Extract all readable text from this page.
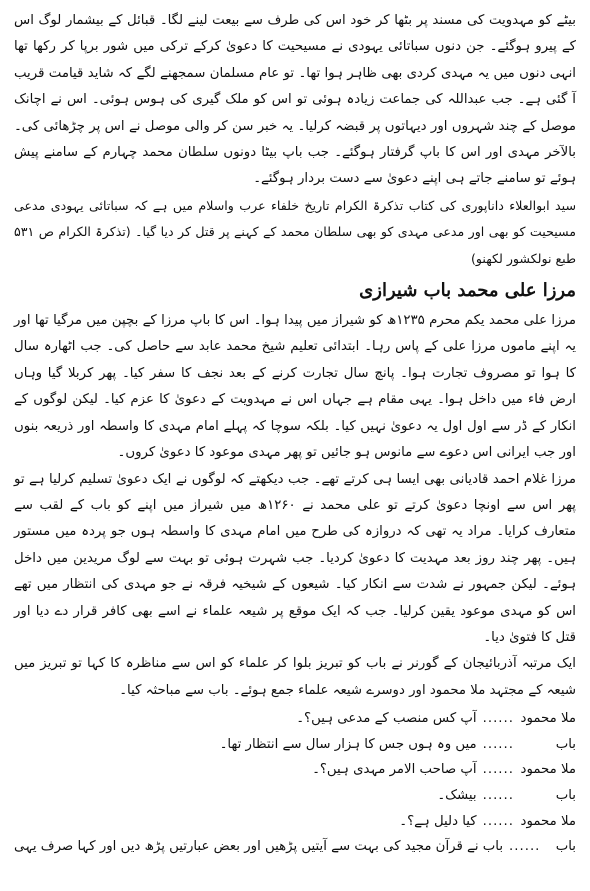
بیٹے کو مہدویت کی مسند پر بٹھا کر خود اس کی طرف سے بیعت لینے لگا۔ قبائل کے بیشمار لوگ اس کے پیرو ہوگئے۔ جن دنوں سباتائی یہودی نے مسیحیت کا دعویٰ کرکے ترکی میں شور برپا کر رکھا تھا انہی دنوں میں یہ مہدی کردی بھی ظاہر ہوا تھا۔ تو عام مسلمان سمجھنے لگے کہ شاید قیامت قریب آ گئی ہے۔ جب عبداللہ کی جماعت زیادہ ہوئی تو اس کو ملک گیری کی ہوس ہوئی۔ اس نے اچانک موصل کے چند شہروں اور دیہاتوں پر قبضہ کرلیا۔ یہ خبر سن کر والی موصل نے اس پر چڑھائی کی۔ بالآخر مہدی اور اس کا باپ گرفتار ہوگئے۔ جب باپ بیٹا دونوں سلطان محمد چہارم کے سامنے پیش ہوئے تو سامنے جاتے ہی اپنے دعویٰ سے دست بردار ہوگئے۔

سید ابوالعلاء داناپوری کی کتاب تذکرۃ الکرام تاریخ خلفاء عرب واسلام میں ہے کہ سباتائی یہودی مدعی مسیحیت کو بھی اور مدعی مہدی کو بھی سلطان محمد کے کہنے پر قتل کر دیا گیا۔ (تذکرۃ الکرام ص ۵۳۱ طبع نولکشور لکھنو)

مرزا علی محمد باب شیرازی

مرزا علی محمد یکم محرم ۱۲۳۵ھ کو شیراز میں پیدا ہوا۔ اس کا باپ مرزا کے بچپن میں مرگیا تھا اور یہ اپنے ماموں مرزا علی کے پاس رہا۔ ابتدائی تعلیم شیخ محمد عابد سے حاصل کی۔ جب اٹھارہ سال کا ہوا تو مصروف تجارت ہوا۔ پانچ سال تجارت کرنے کے بعد نجف کا سفر کیا۔ پھر کربلا گیا وہاں ارض فاء میں داخل ہوا۔ یہی مقام ہے جہاں اس نے مہدویت کے دعویٰ کا عزم کیا۔ لیکن لوگوں کے انکار کے ڈر سے اول اول یہ دعویٰ نہیں کیا۔ بلکہ سوچا کہ پہلے امام مہدی کا واسطہ اور ذریعہ بنوں اور جب ایرانی اس دعوے سے مانوس ہو جائیں تو پھر مہدی موعود کا دعویٰ کروں۔

مرزا غلام احمد قادیانی بھی ایسا ہی کرتے تھے۔ جب دیکھتے کہ لوگوں نے ایک دعویٰ تسلیم کرلیا ہے تو پھر اس سے اونچا دعویٰ کرتے تو علی محمد نے ۱۲۶۰ھ میں شیراز میں اپنے کو باب کے لقب سے متعارف کرایا۔ مراد یہ تھی کہ دروازہ کی طرح میں امام مہدی کا واسطہ ہوں جو پردہ میں مستور ہیں۔ پھر چند روز بعد مہدیت کا دعویٰ کردیا۔ جب شہرت ہوئی تو بہت سے لوگ مریدین میں داخل ہوئے۔ لیکن جمہور نے شدت سے انکار کیا۔ شیعوں کے شیخیہ فرقہ نے جو مہدی کی انتظار میں تھے اس کو مہدی موعود یقین کرلیا۔ جب کہ ایک موقع پر شیعہ علماء نے اسے بھی کافر قرار دے دیا اور قتل کا فتویٰ دیا۔

ایک مرتبہ آذربائیجان کے گورنر نے باب کو تبریز بلوا کر علماء کو اس سے مناظرہ کا کہا تو تبریز میں شیعہ کے مجتہد ملا محمود اور دوسرے شیعہ علماء جمع ہوئے۔ باب سے مباحثہ کیا۔

ملا محمود
......
آپ کس منصب کے مدعی ہیں؟۔
باب
......
میں وہ ہوں جس کا ہزار سال سے انتظار تھا۔
ملا محمود
......
آپ صاحب الامر مہدی ہیں؟۔
باب
......
بیشک۔
ملا محمود
......
کیا دلیل ہے؟۔
باب
......
باب نے قرآن مجید کی بہت سے آیتیں پڑھیں اور بعض عبارتیں پڑھ دیں اور کہا صرف یہی
